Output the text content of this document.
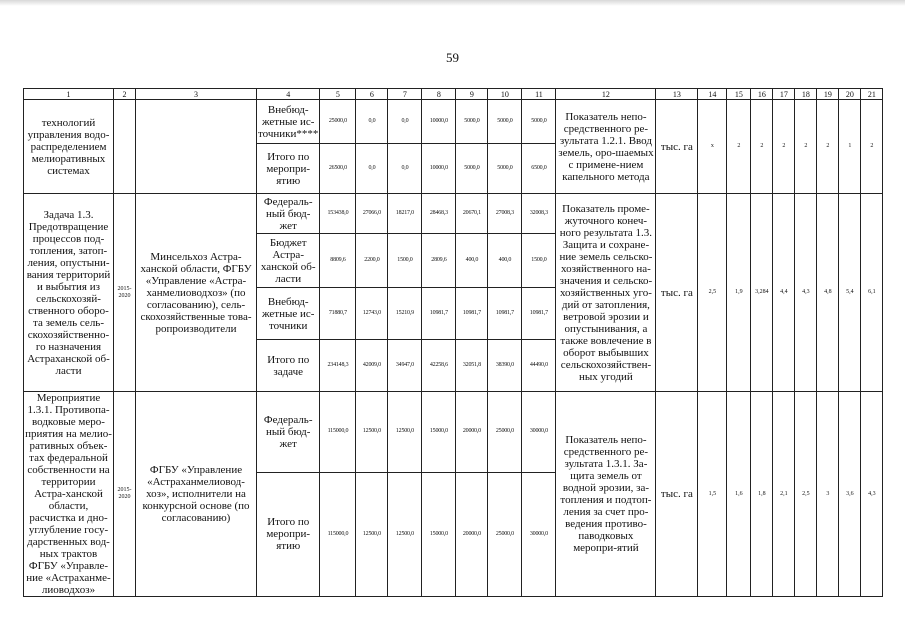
59
1	2	3	4	5	6	7	8	9	10	11	12	13	14	15	16	17	18	19	20	21
технологий управления водо-распределением мелиоративных системах			Внебюд-жетные ис-точники****	25000,0	0,0	0,0	10000,0	5000,0	5000,0	5000,0	Показатель непо-средственного ре-зультата 1.2.1. Ввод земель, оро-шаемых с примене-нием капельного метода	тыс. га	х	2	2	2	2	2	1	2
			Итого по меропри-ятию	26500,0	0,0	0,0	10000,0	5000,0	5000,0	6500,0										
Задача 1.3. Предотвращение процессов под-топления, затоп-ления, опустыни-вания территорий и выбытия из сельскохозяй-ственного оборо-та земель сель-скохозяйственно-го назначения Астраханской об-ласти	2015-2020	Минсельхоз Астра-ханской области, ФГБУ «Управление «Астра-ханмелиоводхоз» (по согласованию), сель-скохозяйственные това-ропроизводители	Федераль-ный бюд-жет	153438,0	27066,0	18217,0	28468,3	20670,1	27008,3	32008,3	Показатель проме-жуточного конеч-ного результата 1.3. Защита и сохране-ние земель сельско-хозяйственного на-значения и сельско-хозяйственных уго-дий от затопления, ветровой эрозии и опустынивания, а также вовлечение в оборот выбывших сельскохозяйствен-ных угодий	тыс. га	2,5	1,9	3,284	4,4	4,3	4,8	5,4	6,1
			Бюджет Астра-ханской об-ласти	8809,6	2200,0	1500,0	2809,6	400,0	400,0	1500,0										
			Внебюд-жетные ис-точники	71880,7	12743,0	15210,9	10981,7	10981,7	10981,7	10981,7										
			Итого по задаче	234148,3	42009,0	34947,0	42258,6	32051,8	38390,0	44490,0										
Мероприятие 1.3.1. Противопа-водковые меро-приятия на мелио-ративных объек-тах федеральной собственности на территории Астра-ханской области, расчистка и дно-углубление госу-дарственных вод-ных трактов ФГБУ «Управле-ние «Астраханме-лиоводхоз»	2015-2020	ФГБУ «Управление «Астраханмелиовод-хоз», исполнители на конкурсной основе (по согласованию)	Федераль-ный бюд-жет	115000,0	12500,0	12500,0	15000,0	20000,0	25000,0	30000,0	Показатель непо-средственного ре-зультата 1.3.1. За-щита земель от водной эрозии, за-топления и подтоп-ления за счет про-ведения противо-паводковых меропри-ятий	тыс. га	1,5	1,6	1,8	2,1	2,5	3	3,6	4,3
			Итого по меропри-ятию	115000,0	12500,0	12500,0	15000,0	20000,0	25000,0	30000,0										
